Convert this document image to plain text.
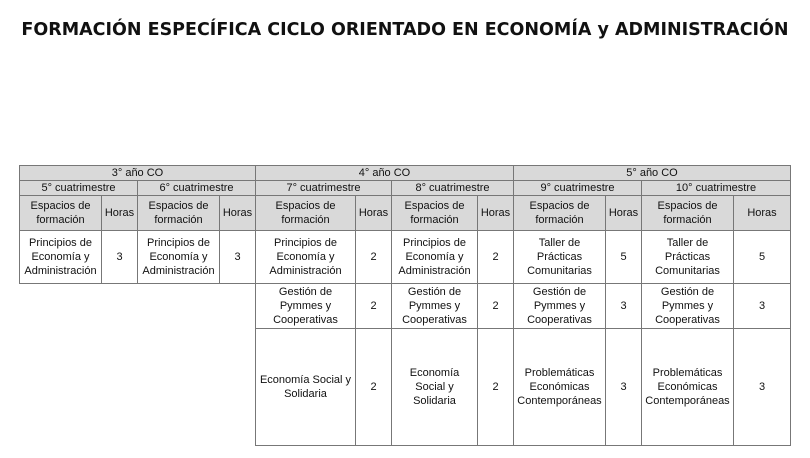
FORMACIÓN ESPECÍFICA CICLO ORIENTADO EN ECONOMÍA y ADMINISTRACIÓN
3° año CO				4° año CO				5° año CO			
5° cuatrimestre		6° cuatrimestre		7° cuatrimestre		8° cuatrimestre		9° cuatrimestre		10° cuatrimestre	
Espacios de formación	Horas	Espacios de formación	Horas	Espacios de formación	Horas	Espacios de formación	Horas	Espacios de formación	Horas	Espacios de formación	Horas
Principios de Economía y Administración	3	Principios de Economía y Administración	3	Principios de Economía y Administración	2	Principios de Economía y Administración	2	Taller de Prácticas Comunitarias	5	Taller de Prácticas Comunitarias	5
				Gestión de Pymmes y Cooperativas	2	Gestión de Pymmes y Cooperativas	2	Gestión de Pymmes y Cooperativas	3	Gestión de Pymmes y Cooperativas	3
				Economía Social y Solidaria	2	Economía Social y Solidaria	2	Problemáticas Económicas Contemporáneas	3	Problemáticas Económicas Contemporáneas	3
